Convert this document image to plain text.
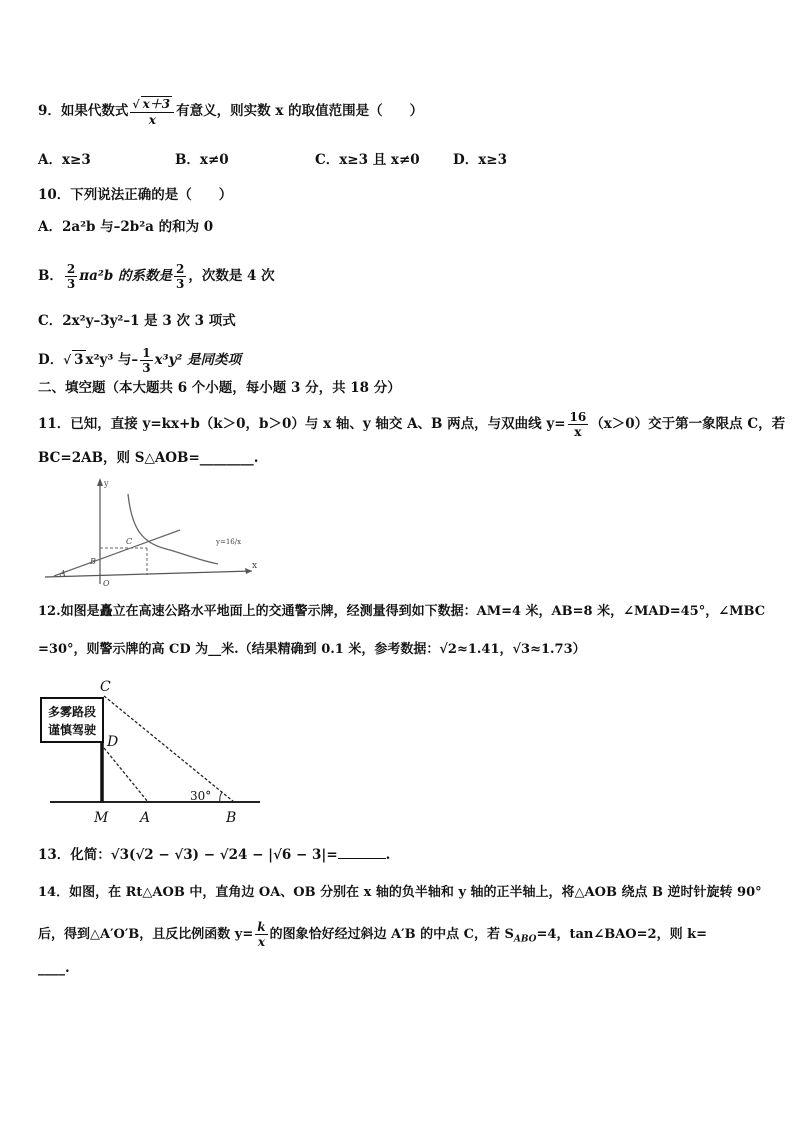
9．如果代数式 $\frac{√ x+3}{x}$ 有意义，则实数 x 的取值范围是（　　）
A．x≥3	B．x≠0	C．x≥3 且 x≠0 D．x≥3
10．下列说法正确的是（　　）
A．2a²b 与–2b²a 的和为 0
B． $\frac{2}{3} \pi a^2b$ 的系数是 $\frac{2}{3}$ ，次数是 4 次
C．2x²y–3y²–1 是 3 次 3 项式
D．√ 3 x²y³ 与– $\frac{1}{3} x^3y^2$ 是同类项
二、填空题（本大题共 6 个小题，每小题 3 分，共 18 分）
11．已知，直接 y=kx+b（k＞0，b＞0）与 x 轴、y 轴交 A、B 两点，与双曲线 $y= \frac{16}{x} (x>0)$交于第一象限点 C，若
BC=2AB，则 S△AOB=________.
y
x
A
B
C
O
y=16/x
12.如图是矗立在高速公路水平地面上的交通警示牌，经测量得到如下数据：AM=4 米，AB=8 米，∠MAD=45°，∠MBC
=30°，则警示牌的高 CD 为__米.（结果精确到 0.1 米，参考数据：√2≈1.41，√3≈1.73）
多雾路段
谨慎驾驶
C
D
M A	B
30°
13．化简：√3(√2 − √3) − √24 − |√6 − 3|=	.
14．如图，在 Rt△AOB 中，直角边 OA、OB 分别在 x 轴的负半轴和 y 轴的正半轴上，将△AOB 绕点 B 逆时针旋转 90°
后，得到△A′O′B，且反比例函数 $y= \frac{k}{x}$ 的图象恰好经过斜边 A′B 的中点 C，若 $S_{ABO}=4$，tan∠BAO=2，则 k=
____.
